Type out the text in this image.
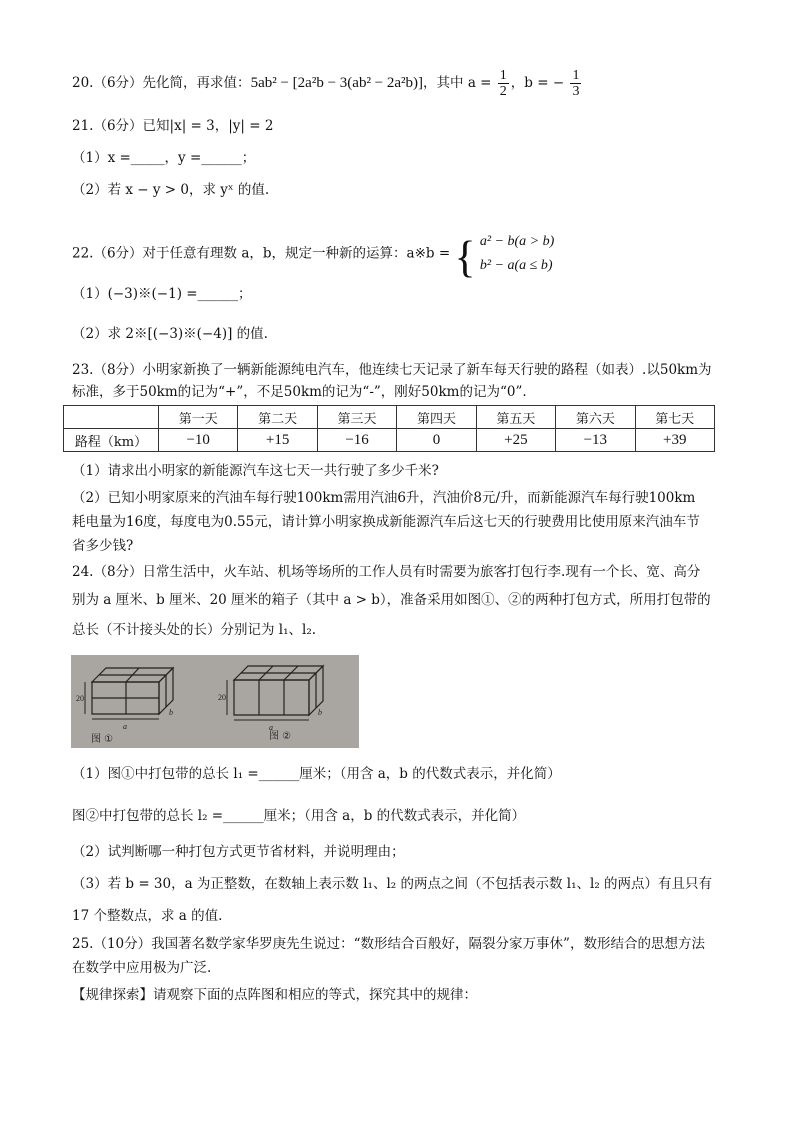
20.（6分）先化简，再求值：5ab² − [2a²b − 3(ab² − 2a²b)]，其中 $a = \frac{1}{2}$ ，b = − $\frac{1}{3}$
21.（6分）已知|x| = 3，|y| = 2
（1）x =_____，y =______；
（2）若 x − y > 0，求 yˣ 的值.
22.（6分）对于任意有理数 a，b，规定一种新的运算：a※b = { a² − b(a > b)
b² − a(a ≤ b)
（1）(−3)※(−1) =______；
（2）求 2※[(−3)※(−4)] 的值.
23.（8分）小明家新换了一辆新能源纯电汽车，他连续七天记录了新车每天行驶的路程（如表）.以50km为
标准，多于50km的记为“+”，不足50km的记为“-”，刚好50km的记为“0”.
	第一天	第二天	第三天	第四天	第五天	第六天	第七天
路程（km）	−10	+15	−16	0	+25	−13	+39
（1）请求出小明家的新能源汽车这七天一共行驶了多少千米?
（2）已知小明家原来的汽油车每行驶100km需用汽油6升，汽油价8元/升，而新能源汽车每行驶100km
耗电量为16度，每度电为0.55元，请计算小明家换成新能源汽车后这七天的行驶费用比使用原来汽油车节
省多少钱?
24.（8分）日常生活中，火车站、机场等场所的工作人员有时需要为旅客打包行李.现有一个长、宽、高分
别为 a 厘米、b 厘米、20 厘米的箱子（其中 a > b），准备采用如图①、②的两种打包方式，所用打包带的
总长（不计接头处的长）分别记为 l₁、l₂.
a
b
20
a
b
20
图 ①	图 ②
（1）图①中打包带的总长 l₁ =______厘米；（用含 a，b 的代数式表示，并化简）
图②中打包带的总长 l₂ =______厘米；（用含 a，b 的代数式表示，并化简）
（2）试判断哪一种打包方式更节省材料，并说明理由；
（3）若 b = 30，a 为正整数，在数轴上表示数 l₁、l₂ 的两点之间（不包括表示数 l₁、l₂ 的两点）有且只有
17 个整数点，求 a 的值.
25.（10分）我国著名数学家华罗庚先生说过：“数形结合百般好，隔裂分家万事休”，数形结合的思想方法
在数学中应用极为广泛.
【规律探索】请观察下面的点阵图和相应的等式，探究其中的规律：
